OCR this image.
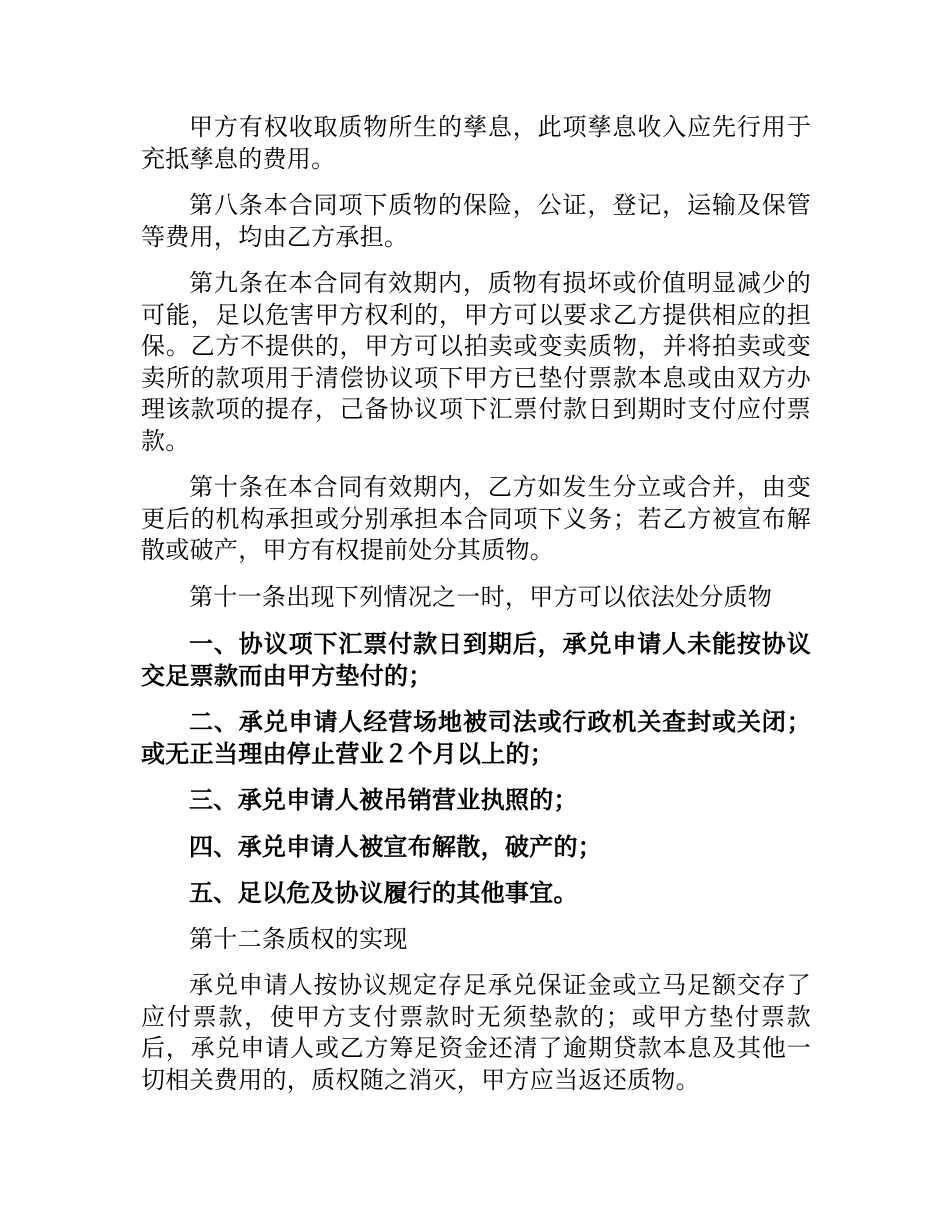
甲方有权收取质物所生的孳息，此项孳息收入应先行用于充抵孳息的费用。

第八条本合同项下质物的保险，公证，登记，运输及保管等费用，均由乙方承担。

第九条在本合同有效期内，质物有损坏或价值明显减少的可能，足以危害甲方权利的，甲方可以要求乙方提供相应的担保。乙方不提供的，甲方可以拍卖或变卖质物，并将拍卖或变卖所的款项用于清偿协议项下甲方已垫付票款本息或由双方办理该款项的提存，己备协议项下汇票付款日到期时支付应付票款。

第十条在本合同有效期内，乙方如发生分立或合并，由变更后的机构承担或分别承担本合同项下义务；若乙方被宣布解散或破产，甲方有权提前处分其质物。

第十一条出现下列情况之一时，甲方可以依法处分质物

一、协议项下汇票付款日到期后，承兑申请人未能按协议交足票款而由甲方垫付的；

二、承兑申请人经营场地被司法或行政机关查封或关闭；或无正当理由停止营业２个月以上的；

三、承兑申请人被吊销营业执照的；

四、承兑申请人被宣布解散，破产的；

五、足以危及协议履行的其他事宜。

第十二条质权的实现

承兑申请人按协议规定存足承兑保证金或立马足额交存了应付票款，使甲方支付票款时无须垫款的；或甲方垫付票款后，承兑申请人或乙方筹足资金还清了逾期贷款本息及其他一切相关费用的，质权随之消灭，甲方应当返还质物。
